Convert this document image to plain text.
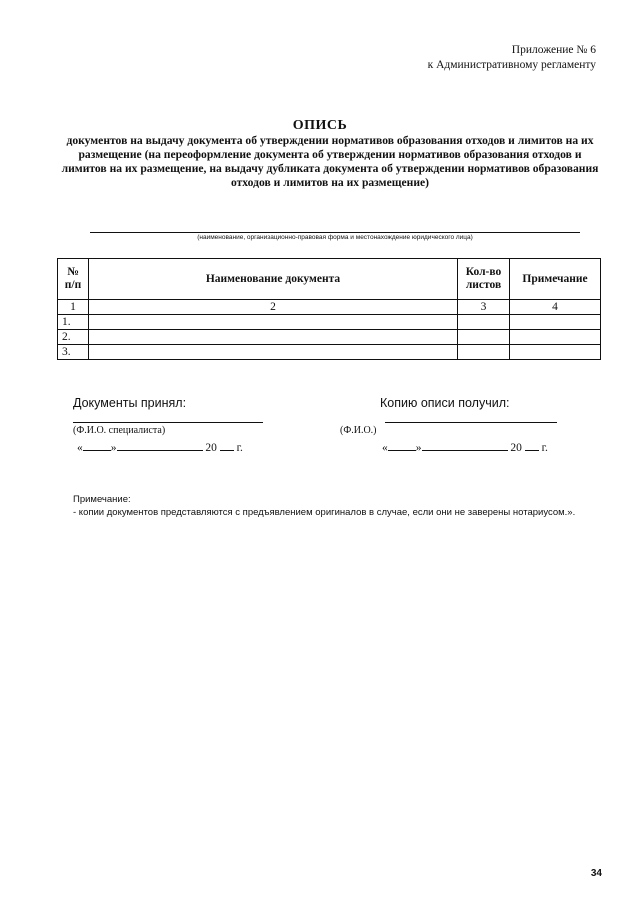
Приложение № 6
к Административному регламенту
ОПИСЬ
документов на выдачу документа об утверждении нормативов образования отходов и лимитов на их размещение (на переоформление документа об утверждении нормативов образования отходов и лимитов на их размещение, на выдачу дубликата документа об утверждении нормативов образования отходов и лимитов на их размещение)
(наименование, организационно-правовая форма и местонахождение юридического лица)
№ п/п	Наименование документа	Кол-во листов	Примечание
1	2	3	4
1.			
2.			
3.			
Документы принял:
(Ф.И.О. специалиста)
« »	20 г.
Копию описи получил:
(Ф.И.О.)
« »	20 г.
Примечание:
- копии документов представляются с предъявлением оригиналов в случае, если они не заверены нотариусом.».
34
